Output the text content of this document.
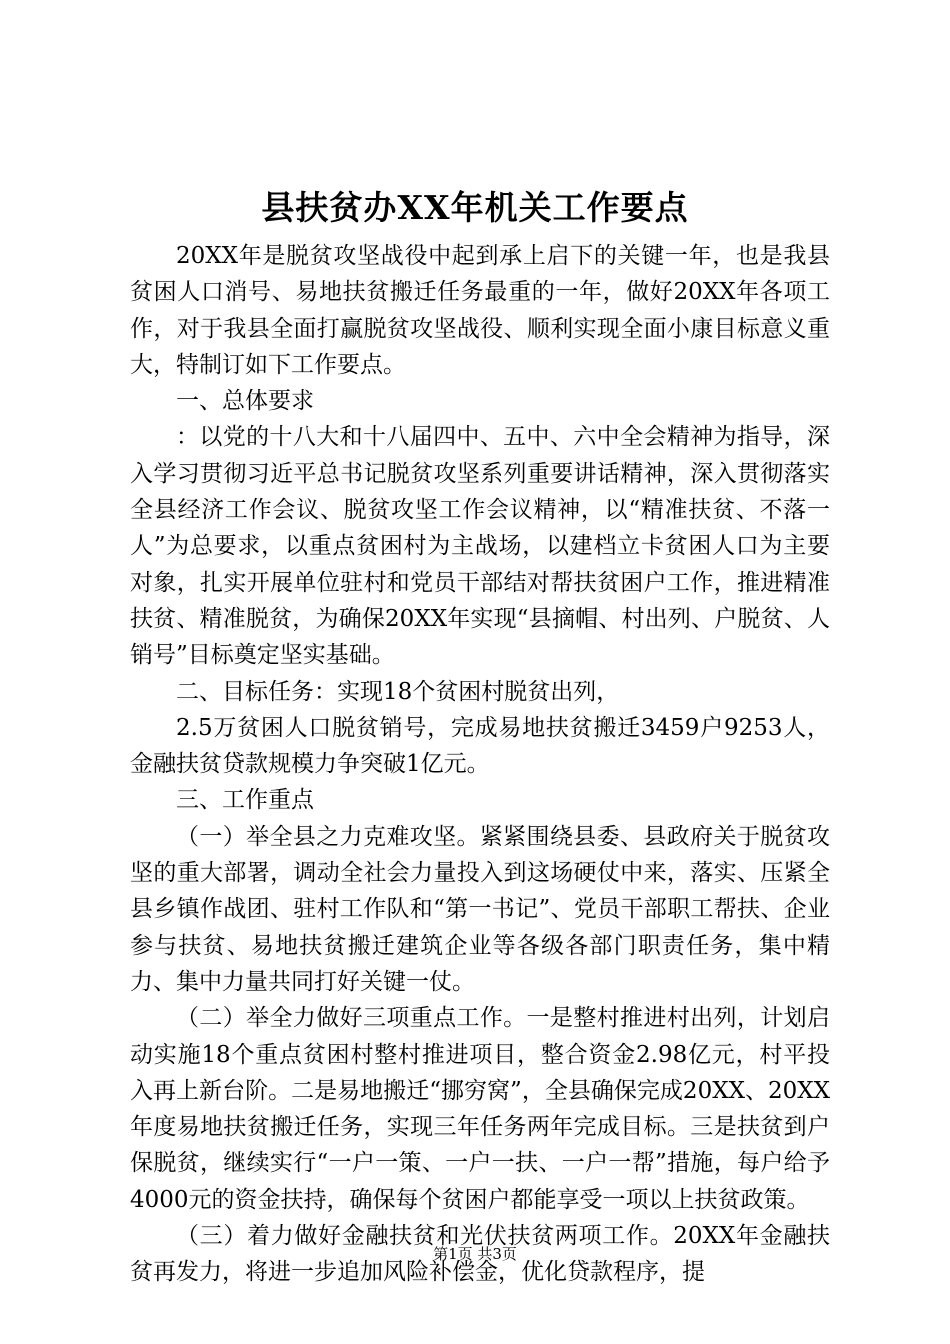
县扶贫办XX年机关工作要点

20XX年是脱贫攻坚战役中起到承上启下的关键一年，也是我县贫困人口消号、易地扶贫搬迁任务最重的一年，做好20XX年各项工作，对于我县全面打赢脱贫攻坚战役、顺利实现全面小康目标意义重大，特制订如下工作要点。

一、总体要求

：以党的十八大和十八届四中、五中、六中全会精神为指导，深入学习贯彻习近平总书记脱贫攻坚系列重要讲话精神，深入贯彻落实全县经济工作会议、脱贫攻坚工作会议精神，以“精准扶贫、不落一人”为总要求，以重点贫困村为主战场，以建档立卡贫困人口为主要对象，扎实开展单位驻村和党员干部结对帮扶贫困户工作，推进精准扶贫、精准脱贫，为确保20XX年实现“县摘帽、村出列、户脱贫、人销号”目标奠定坚实基础。

二、目标任务：实现18个贫困村脱贫出列，

2.5万贫困人口脱贫销号，完成易地扶贫搬迁3459户9253人，金融扶贫贷款规模力争突破1亿元。

三、工作重点

（一）举全县之力克难攻坚。紧紧围绕县委、县政府关于脱贫攻坚的重大部署，调动全社会力量投入到这场硬仗中来，落实、压紧全县乡镇作战团、驻村工作队和“第一书记”、党员干部职工帮扶、企业参与扶贫、易地扶贫搬迁建筑企业等各级各部门职责任务，集中精力、集中力量共同打好关键一仗。

（二）举全力做好三项重点工作。一是整村推进村出列，计划启动实施18个重点贫困村整村推进项目，整合资金2.98亿元，村平投入再上新台阶。二是易地搬迁“挪穷窝”，全县确保完成20XX、20XX年度易地扶贫搬迁任务，实现三年任务两年完成目标。三是扶贫到户保脱贫，继续实行“一户一策、一户一扶、一户一帮”措施，每户给予4000元的资金扶持，确保每个贫困户都能享受一项以上扶贫政策。

（三）着力做好金融扶贫和光伏扶贫两项工作。20XX年金融扶贫再发力，将进一步追加风险补偿金，优化贷款程序，提

第1页 共3页
